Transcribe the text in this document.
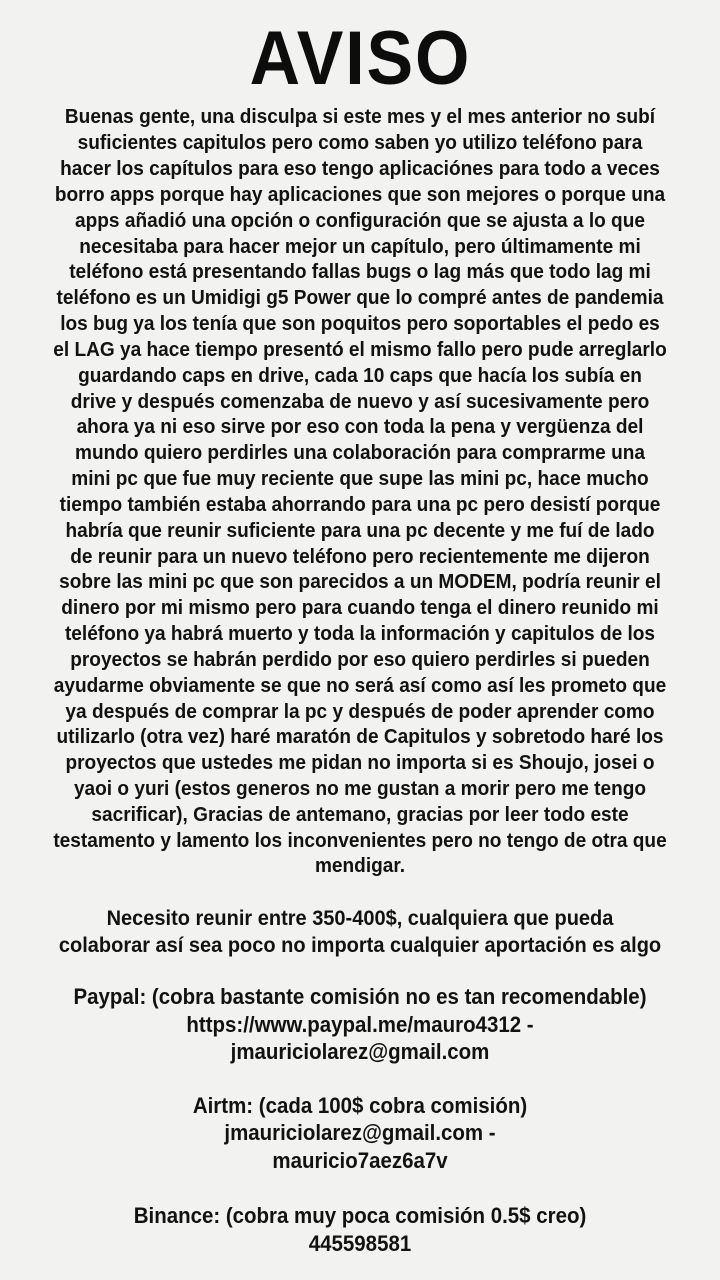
AVISO

Buenas gente, una disculpa si este mes y el mes anterior no subí suficientes capitulos pero como saben yo utilizo teléfono para hacer los capítulos para eso tengo aplicaciónes para todo a veces borro apps porque hay aplicaciones que son mejores o porque una apps añadió una opción o configuración que se ajusta a lo que necesitaba para hacer mejor un capítulo, pero últimamente mi teléfono está presentando fallas bugs o lag más que todo lag mi teléfono es un Umidigi g5 Power que lo compré antes de pandemia los bug ya los tenía que son poquitos pero soportables el pedo es el LAG ya hace tiempo presentó el mismo fallo pero pude arreglarlo guardando caps en drive, cada 10 caps que hacía los subía en drive y después comenzaba de nuevo y así sucesivamente pero ahora ya ni eso sirve por eso con toda la pena y vergüenza del mundo quiero perdirles una colaboración para comprarme una mini pc que fue muy reciente que supe las mini pc, hace mucho tiempo también estaba ahorrando para una pc pero desistí porque habría que reunir suficiente para una pc decente y me fuí de lado de reunir para un nuevo teléfono pero recientemente me dijeron sobre las mini pc que son parecidos a un MODEM, podría reunir el dinero por mi mismo pero para cuando tenga el dinero reunido mi teléfono ya habrá muerto y toda la información y capitulos de los proyectos se habrán perdido por eso quiero perdirles si pueden ayudarme obviamente se que no será así como así les prometo que ya después de comprar la pc y después de poder aprender como utilizarlo (otra vez) haré maratón de Capitulos y sobretodo haré los proyectos que ustedes me pidan no importa si es Shoujo, josei o yaoi o yuri (estos generos no me gustan a morir pero me tengo sacrificar), Gracias de antemano, gracias por leer todo este testamento y lamento los inconvenientes pero no tengo de otra que mendigar.

Necesito reunir entre 350-400$, cualquiera que pueda
colaborar así sea poco no importa cualquier aportación es algo
Paypal: (cobra bastante comisión no es tan recomendable)
https://www.paypal.me/mauro4312 -
jmauriciolarez@gmail.com
Airtm: (cada 100$ cobra comisión)
jmauriciolarez@gmail.com -
mauricio7aez6a7v
Binance: (cobra muy poca comisión 0.5$ creo)
445598581
